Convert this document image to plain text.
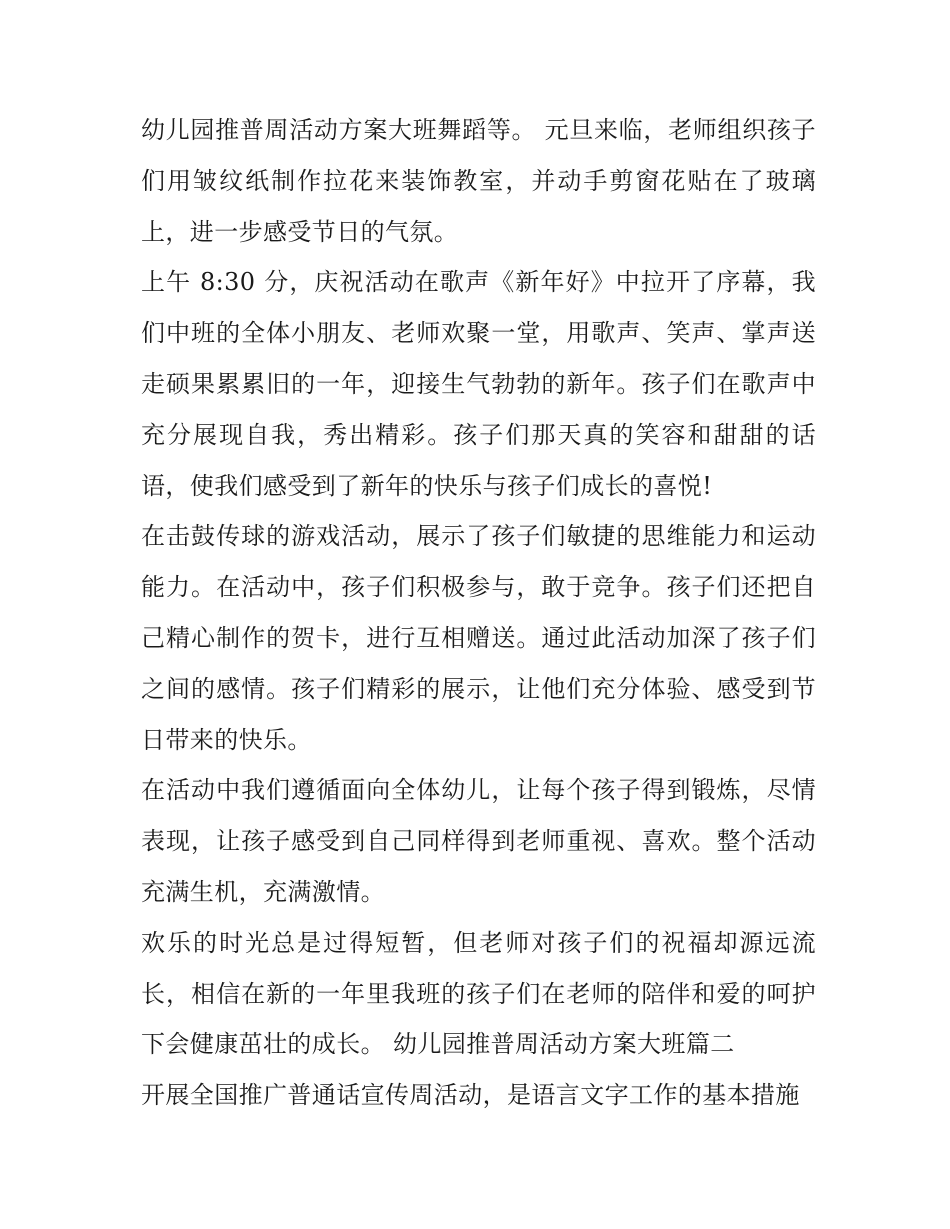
幼儿园推普周活动方案大班舞蹈等。 元旦来临，老师组织孩子们用皱纹纸制作拉花来装饰教室，并动手剪窗花贴在了玻璃上，进一步感受节日的气氛。

上午 8:30 分，庆祝活动在歌声《新年好》中拉开了序幕，我们中班的全体小朋友、老师欢聚一堂，用歌声、笑声、掌声送走硕果累累旧的一年，迎接生气勃勃的新年。孩子们在歌声中充分展现自我，秀出精彩。孩子们那天真的笑容和甜甜的话语，使我们感受到了新年的快乐与孩子们成长的喜悦!

在击鼓传球的游戏活动，展示了孩子们敏捷的思维能力和运动能力。在活动中，孩子们积极参与，敢于竞争。孩子们还把自己精心制作的贺卡，进行互相赠送。通过此活动加深了孩子们之间的感情。孩子们精彩的展示，让他们充分体验、感受到节日带来的快乐。

在活动中我们遵循面向全体幼儿，让每个孩子得到锻炼，尽情表现，让孩子感受到自己同样得到老师重视、喜欢。整个活动充满生机，充满激情。

欢乐的时光总是过得短暂，但老师对孩子们的祝福却源远流长，相信在新的一年里我班的孩子们在老师的陪伴和爱的呵护下会健康茁壮的成长。 幼儿园推普周活动方案大班篇二

开展全国推广普通话宣传周活动，是语言文字工作的基本措施
